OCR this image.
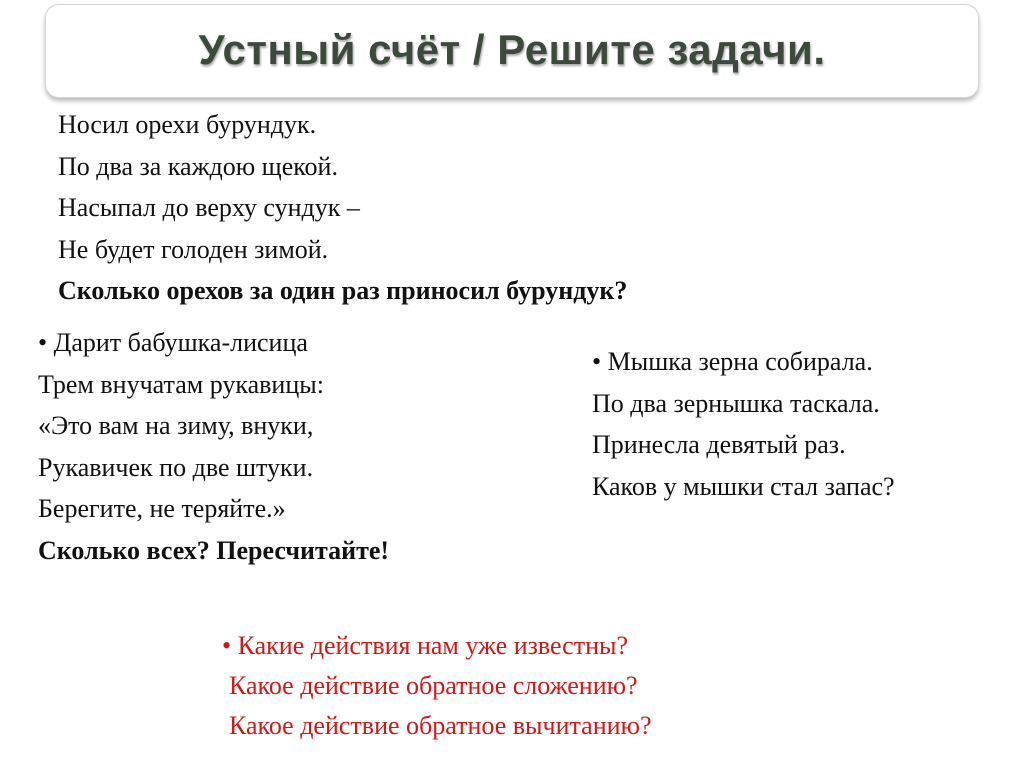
Устный счёт / Решите задачи.

Носил орехи бурундук.

По два за каждою щекой.

Насыпал до верху сундук –

Не будет голоден зимой.

Сколько орехов за один раз приносил бурундук?

• Дарит бабушка-лисица

Трем внучатам рукавицы:

«Это вам на зиму, внуки,

Рукавичек по две штуки.

Берегите, не теряйте.»

Сколько всех? Пересчитайте!

• Мышка зерна собирала.

По два зернышка таскала.

Принесла девятый раз.

Каков у мышки стал запас?

• Какие действия нам уже известны?

Какое действие обратное сложению?

Какое действие обратное вычитанию?
